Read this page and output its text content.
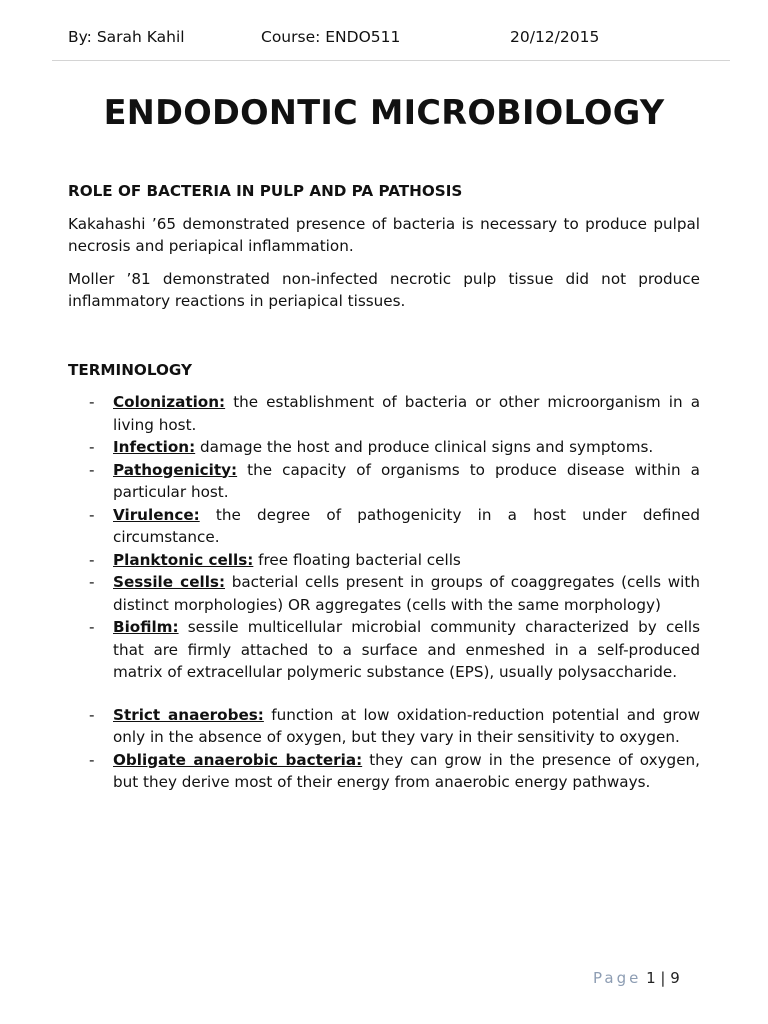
By: Sarah Kahil	Course: ENDO511	20/12/2015
ENDODONTIC MICROBIOLOGY
ROLE OF BACTERIA IN PULP AND PA PATHOSIS

Kakahashi ’65 demonstrated presence of bacteria is necessary to produce pulpal necrosis and periapical inflammation.

Moller ’81 demonstrated non-infected necrotic pulp tissue did not produce inflammatory reactions in periapical tissues.

TERMINOLOGY
- Colonization: the establishment of bacteria or other microorganism in a living host.
- Infection: damage the host and produce clinical signs and symptoms.
- Pathogenicity: the capacity of organisms to produce disease within a particular host.
- Virulence: the degree of pathogenicity in a host under defined circumstance.
- Planktonic cells: free floating bacterial cells
- Sessile cells: bacterial cells present in groups of coaggregates (cells with distinct morphologies) OR aggregates (cells with the same morphology)
- Biofilm: sessile multicellular microbial community characterized by cells that are firmly attached to a surface and enmeshed in a self-produced matrix of extracellular polymeric substance (EPS), usually polysaccharide.
- Strict anaerobes: function at low oxidation-reduction potential and grow only in the absence of oxygen, but they vary in their sensitivity to oxygen.
- Obligate anaerobic bacteria: they can grow in the presence of oxygen, but they derive most of their energy from anaerobic energy pathways.
Page 1 | 9
